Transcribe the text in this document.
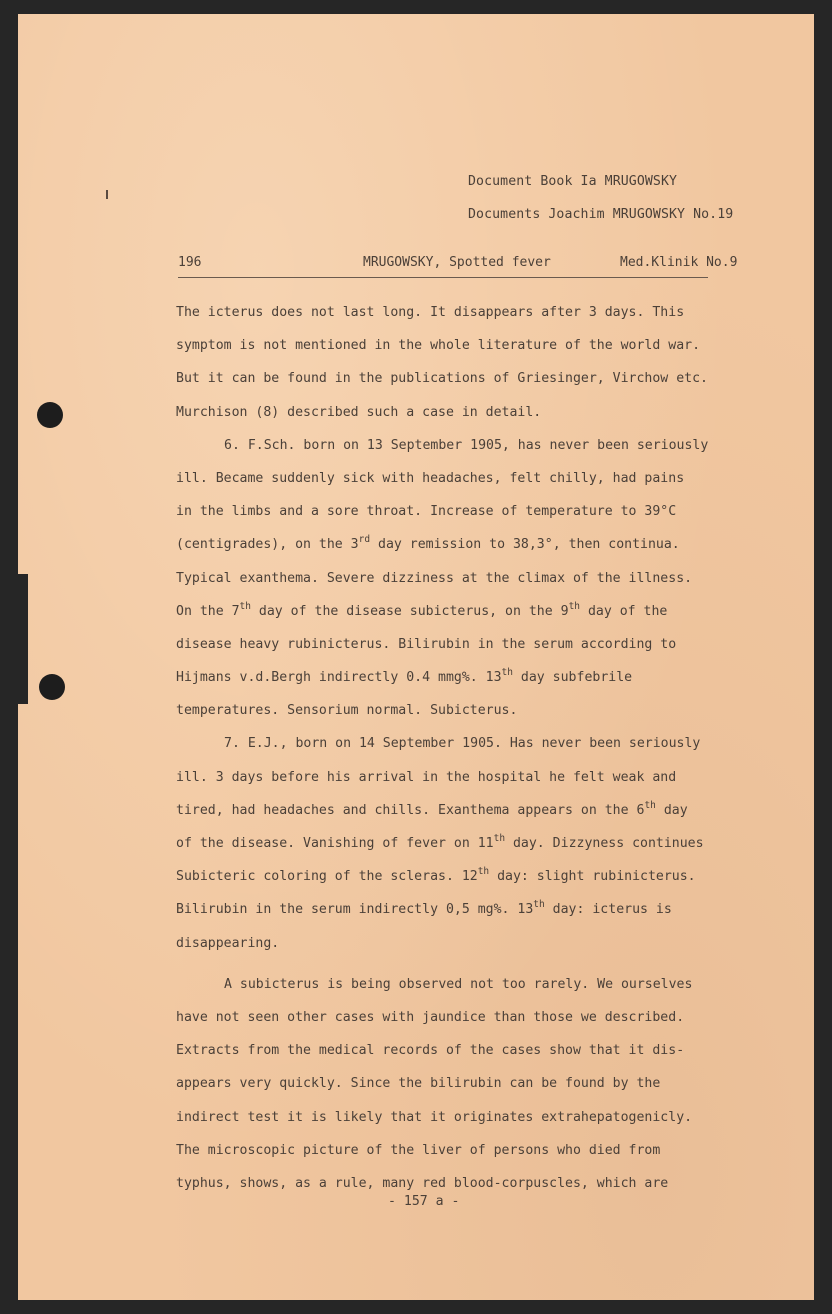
Document Book Ia MRUGOWSKY
Documents Joachim MRUGOWSKY No.19
196	MRUGOWSKY, Spotted fever	Med.Klinik No.9
The icterus does not last long. It disappears after 3 days. This
symptom is not mentioned in the whole literature of the world war.
But it can be found in the publications of Griesinger, Virchow etc.
Murchison (8) described such a case in detail.
6. F.Sch. born on 13 September 1905, has never been seriously
ill. Became suddenly sick with headaches, felt chilly, had pains
in the limbs and a sore throat. Increase of temperature to 39°C
(centigrades), on the 3rd day remission to 38,3°, then continua.
Typical exanthema. Severe dizziness at the climax of the illness.
On the 7th day of the disease subicterus, on the 9th day of the
disease heavy rubinicterus. Bilirubin in the serum according to
Hijmans v.d.Bergh indirectly 0.4 mmg%. 13th day subfebrile
temperatures. Sensorium normal. Subicterus.
7. E.J., born on 14 September 1905. Has never been seriously
ill. 3 days before his arrival in the hospital he felt weak and
tired, had headaches and chills. Exanthema appears on the 6th day
of the disease. Vanishing of fever on 11th day. Dizzyness continues
Subicteric coloring of the scleras. 12th day: slight rubinicterus.
Bilirubin in the serum indirectly 0,5 mg%. 13th day: icterus is
disappearing.
A subicterus is being observed not too rarely. We ourselves
have not seen other cases with jaundice than those we described.
Extracts from the medical records of the cases show that it dis-
appears very quickly. Since the bilirubin can be found by the
indirect test it is likely that it originates extrahepatogenicly.
The microscopic picture of the liver of persons who died from
typhus, shows, as a rule, many red blood-corpuscles, which are
- 157 a -
